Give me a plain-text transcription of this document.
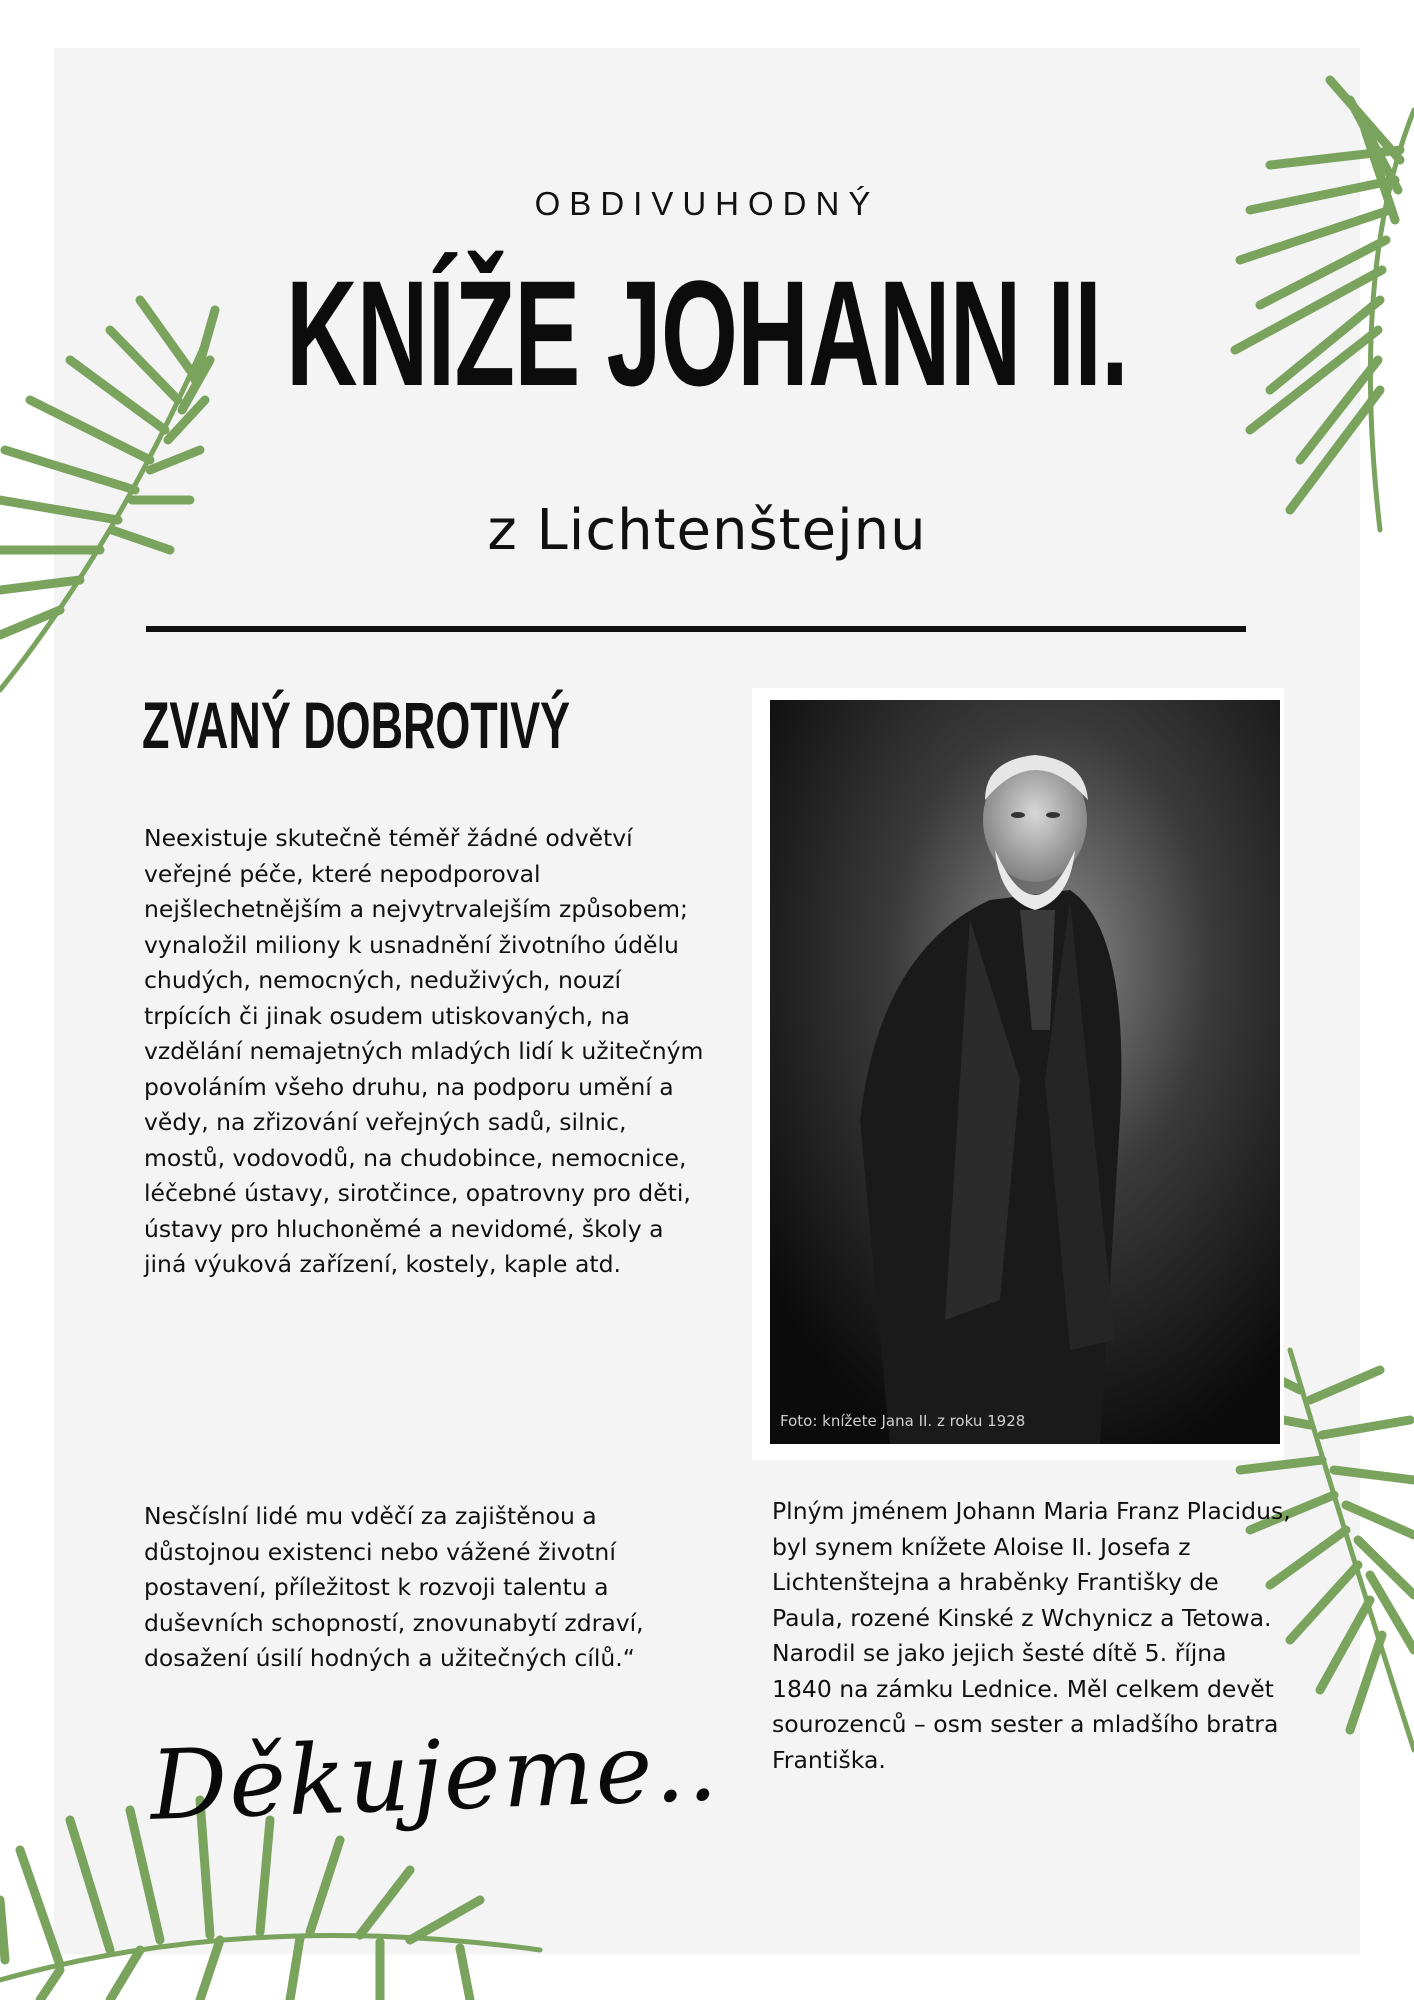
OBDIVUHODNÝ
KNÍŽE JOHANN II.
z Lichtenštejnu
ZVANÝ DOBROTIVÝ

Neexistuje skutečně téměř žádné odvětví veřejné péče, které nepodporoval nejšlechetnějším a nejvytrvalejším způsobem; vynaložil miliony k usnadnění životního údělu chudých, nemocných, neduživých, nouzí trpících či jinak osudem utiskovaných, na vzdělání nemajetných mladých lidí k užitečným povoláním všeho druhu, na podporu umění a vědy, na zřizování veřejných sadů, silnic, mostů, vodovodů, na chudobince, nemocnice, léčebné ústavy, sirotčince, opatrovny pro děti, ústavy pro hluchoněmé a nevidomé, školy a jiná výuková zařízení, kostely, kaple atd.

Nesčíslní lidé mu vděčí za zajištěnou a důstojnou existenci nebo vážené životní postavení, příležitost k rozvoji talentu a duševních schopností, znovunabytí zdraví, dosažení úsilí hodných a užitečných cílů.“

Foto: knížete Jana II. z roku 1928

Plným jménem Johann Maria Franz Placidus, byl synem knížete Aloise II. Josefa z Lichtenštejna a hraběnky Františky de Paula, rozené Kinské z Wchynicz a Tetowa. Narodil se jako jejich šesté dítě 5. října 1840 na zámku Lednice. Měl celkem devět sourozenců – osm sester a mladšího bratra Františka.

Děkujeme..
